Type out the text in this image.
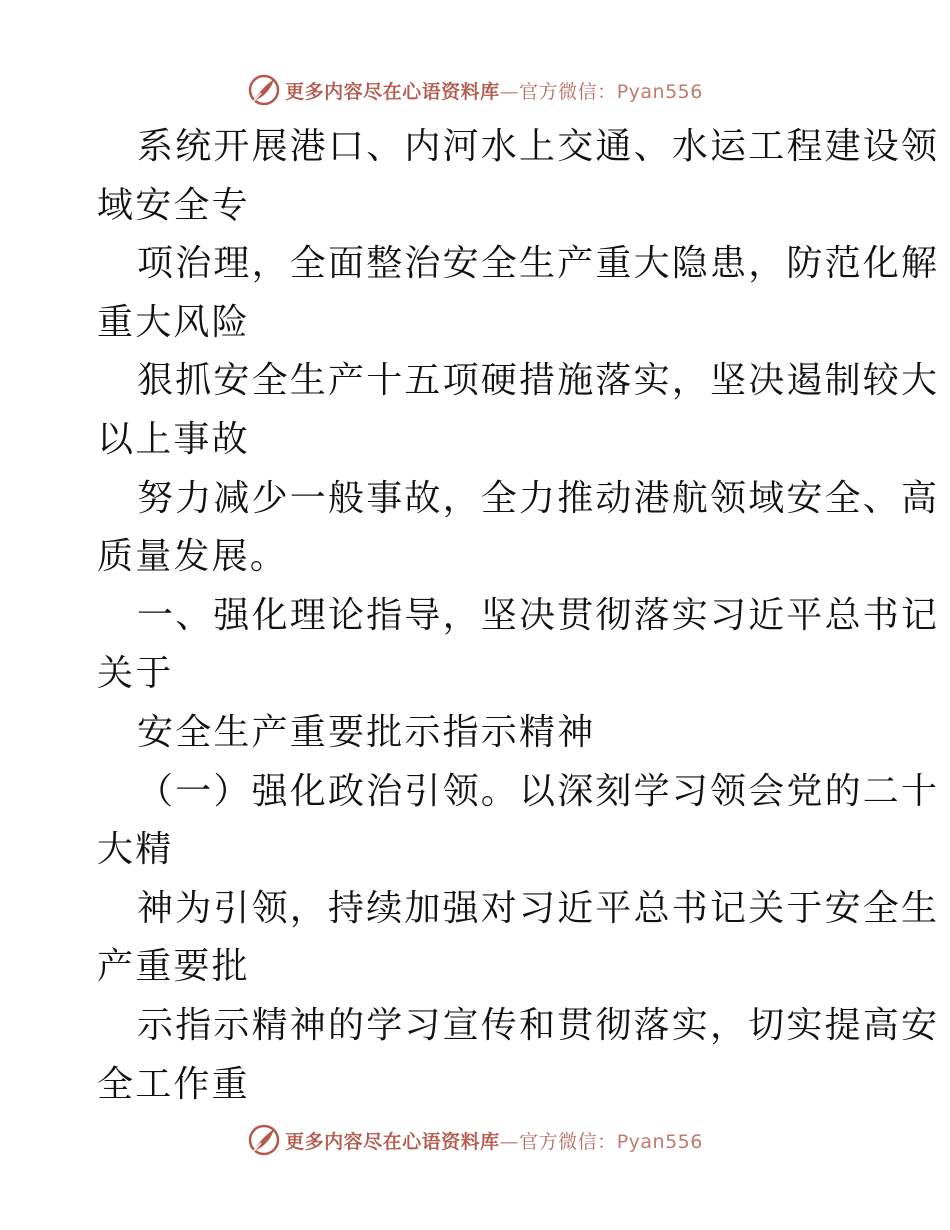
更多内容尽在心语资料库—官方微信：Pyan556
系统开展港口、内河水上交通、水运工程建设领
域安全专
项治理，全面整治安全生产重大隐患，防范化解
重大风险
狠抓安全生产十五项硬措施落实，坚决遏制较大
以上事故
努力减少一般事故，全力推动港航领域安全、高
质量发展。
一、强化理论指导，坚决贯彻落实习近平总书记
关于
安全生产重要批示指示精神
（一）强化政治引领。以深刻学习领会党的二十
大精
神为引领，持续加强对习近平总书记关于安全生
产重要批
示指示精神的学习宣传和贯彻落实，切实提高安
全工作重
更多内容尽在心语资料库—官方微信：Pyan556
